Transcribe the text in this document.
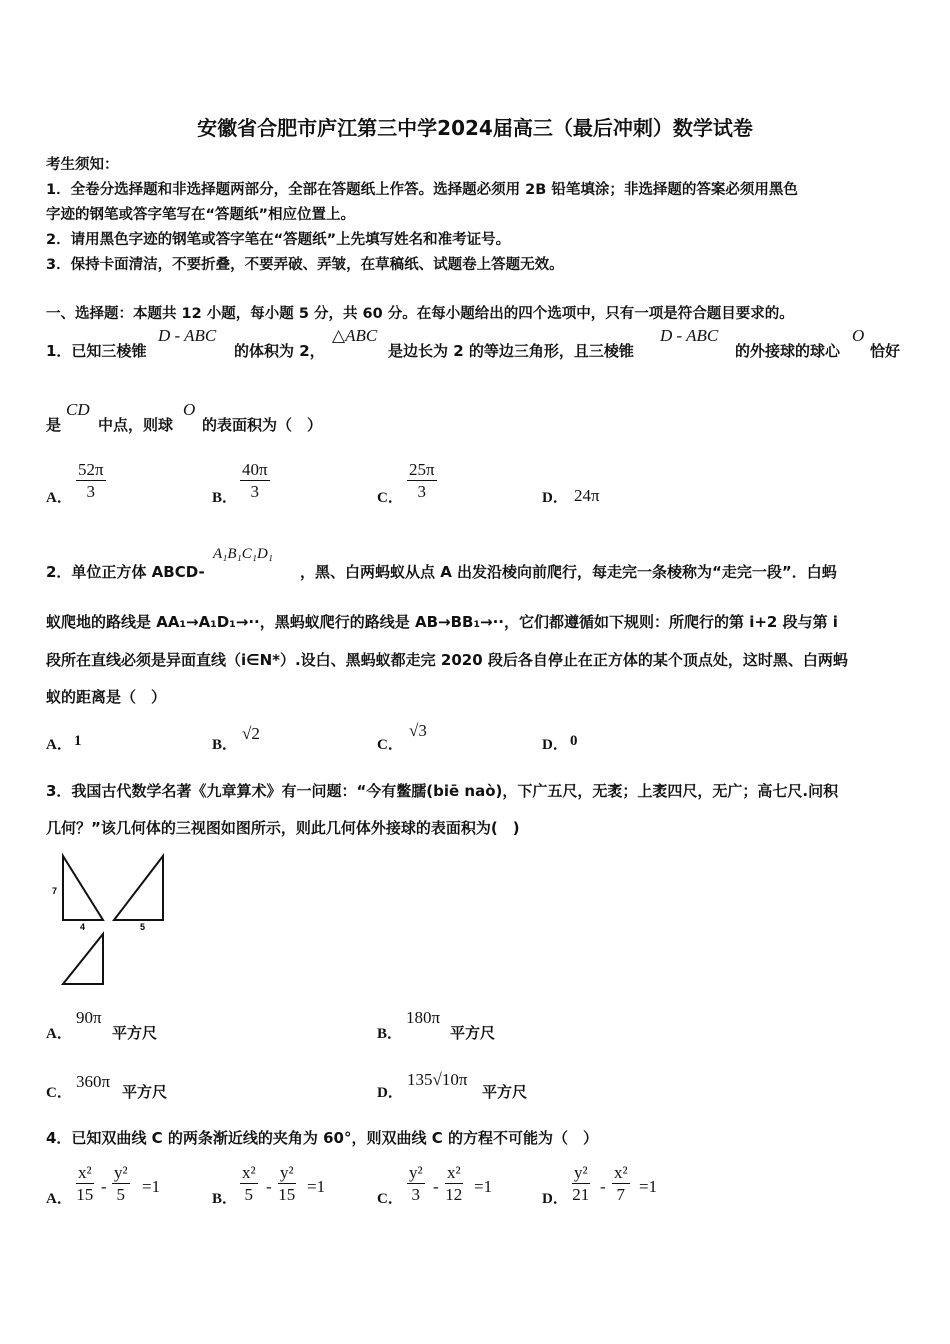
安徽省合肥市庐江第三中学2024届高三（最后冲刺）数学试卷
考生须知：
1．全卷分选择题和非选择题两部分，全部在答题纸上作答。选择题必须用 2B 铅笔填涂；非选择题的答案必须用黑色
字迹的钢笔或答字笔写在“答题纸”相应位置上。
2．请用黑色字迹的钢笔或答字笔在“答题纸”上先填写姓名和准考证号。
3．保持卡面清洁，不要折叠，不要弄破、弄皱，在草稿纸、试题卷上答题无效。
一、选择题：本题共 12 小题，每小题 5 分，共 60 分。在每小题给出的四个选项中，只有一项是符合题目要求的。
1．已知三棱锥
D - ABC
的体积为 2，
△ABC
是边长为 2 的等边三角形，且三棱锥
D - ABC
的外接球的球心
O
恰好
是
CD
中点，则球
O
的表面积为（　）
A． $\frac{52\pi}{3}$	B． $\frac{40\pi}{3}$	C． $\frac{25\pi}{3}$	D． 24π
2．单位正方体 ABCD-
A₁B₁C₁D₁
，黑、白两蚂蚁从点 A 出发沿棱向前爬行，每走完一条棱称为“走完一段”．白蚂
蚁爬地的路线是 AA₁→A₁D₁→··，黑蚂蚁爬行的路线是 AB→BB₁→··，它们都遵循如下规则：所爬行的第 i+2 段与第 i
段所在直线必须是异面直线（i∈N*）.设白、黑蚂蚁都走完 2020 段后各自停止在正方体的某个顶点处，这时黑、白两蚂
蚁的距离是（　）
A． 1	B．
√2
C．
√3
D． 0
3．我国古代数学名著《九章算术》有一问题：“今有鳖臑(biē naò)，下广五尺，无袤；上袤四尺，无广；高七尺.问积
几何？”该几何体的三视图如图所示，则此几何体外接球的表面积为(　)
7
4	5
A．
90π
平方尺	B．
180π
平方尺
C．
360π
平方尺	D．
135√10π
平方尺
4．已知双曲线 C 的两条渐近线的夹角为 60°，则双曲线 C 的方程不可能为（　）
A． $\frac{\text{x²}}{15} - \frac{\text{y²}}{5} =1$
B． $\frac{\text{x²}}{5} - \frac{\text{y²}}{15} =1$
C． $\frac{\text{y²}}{3} - \frac{\text{x²}}{12} =1$
D． $\frac{\text{y²}}{21} - \frac{\text{x²}}{7} =1$
